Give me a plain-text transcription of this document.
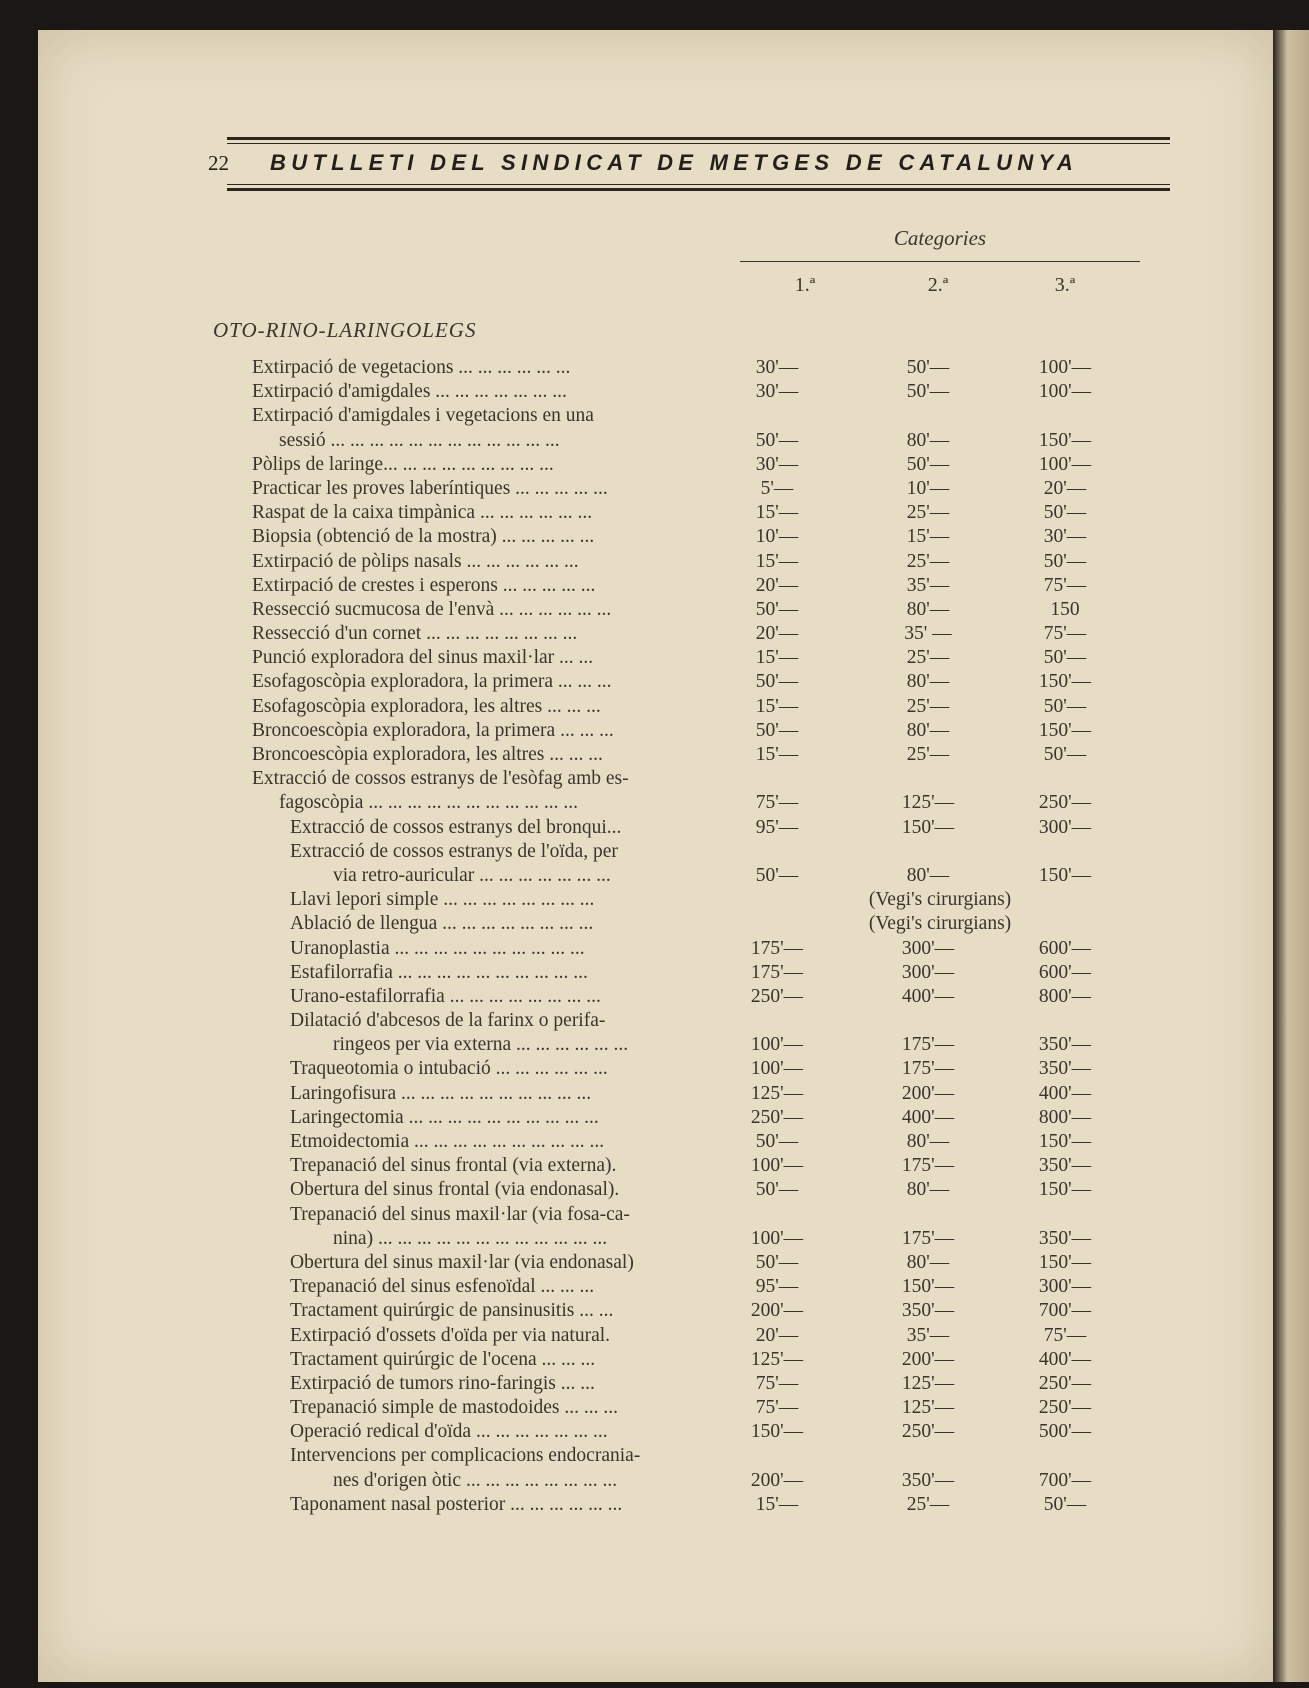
22	BUTLLETI DEL SINDICAT DE METGES DE CATALUNYA
Categories
1.ª	2.ª	3.ª
OTO-RINO-LARINGOLEGS
Extirpació de vegetacions ... ... ... ... ... ...	30'—	50'—	100'—
Extirpació d'amigdales ... ... ... ... ... ... ...	30'—	50'—	100'—
Extirpació d'amigdales i vegetacions en una
sessió ... ... ... ... ... ... ... ... ... ... ... ...	50'—	80'—	150'—
Pòlips de laringe... ... ... ... ... ... ... ... ...	30'—	50'—	100'—
Practicar les proves laberíntiques ... ... ... ... ...	5'—	10'—	20'—
Raspat de la caixa timpànica ... ... ... ... ... ...	15'—	25'—	50'—
Biopsia (obtenció de la mostra) ... ... ... ... ...	10'—	15'—	30'—
Extirpació de pòlips nasals ... ... ... ... ... ...	15'—	25'—	50'—
Extirpació de crestes i esperons ... ... ... ... ...	20'—	35'—	75'—
Ressecció sucmucosa de l'envà ... ... ... ... ... ...	50'—	80'—	150
Ressecció d'un cornet ... ... ... ... ... ... ... ...	20'—	35' —	75'—
Punció exploradora del sinus maxil·lar ... ...	15'—	25'—	50'—
Esofagoscòpia exploradora, la primera ... ... ...	50'—	80'—	150'—
Esofagoscòpia exploradora, les altres ... ... ...	15'—	25'—	50'—
Broncoescòpia exploradora, la primera ... ... ...	50'—	80'—	150'—
Broncoescòpia exploradora, les altres ... ... ...	15'—	25'—	50'—
Extracció de cossos estranys de l'esòfag amb es-
fagoscòpia ... ... ... ... ... ... ... ... ... ... ...	75'—	125'—	250'—
Extracció de cossos estranys del bronqui...	95'—	150'—	300'—
Extracció de cossos estranys de l'oïda, per
via retro-auricular ... ... ... ... ... ... ...	50'—	80'—	150'—
Llavi lepori simple ... ... ... ... ... ... ... ...	(Vegi's cirurgians)
Ablació de llengua ... ... ... ... ... ... ... ...	(Vegi's cirurgians)
Uranoplastia ... ... ... ... ... ... ... ... ... ...	175'—	300'—	600'—
Estafilorrafia ... ... ... ... ... ... ... ... ... ...	175'—	300'—	600'—
Urano-estafilorrafia ... ... ... ... ... ... ... ...	250'—	400'—	800'—
Dilatació d'abcesos de la farinx o perifa-
ringeos per via externa ... ... ... ... ... ...	100'—	175'—	350'—
Traqueotomia o intubació ... ... ... ... ... ...	100'—	175'—	350'—
Laringofisura ... ... ... ... ... ... ... ... ... ...	125'—	200'—	400'—
Laringectomia ... ... ... ... ... ... ... ... ... ...	250'—	400'—	800'—
Etmoidectomia ... ... ... ... ... ... ... ... ... ...	50'—	80'—	150'—
Trepanació del sinus frontal (via externa).	100'—	175'—	350'—
Obertura del sinus frontal (via endonasal).	50'—	80'—	150'—
Trepanació del sinus maxil·lar (via fosa-ca-
nina) ... ... ... ... ... ... ... ... ... ... ... ...	100'—	175'—	350'—
Obertura del sinus maxil·lar (via endonasal)	50'—	80'—	150'—
Trepanació del sinus esfenoïdal ... ... ...	95'—	150'—	300'—
Tractament quirúrgic de pansinusitis ... ...	200'—	350'—	700'—
Extirpació d'ossets d'oïda per via natural.	20'—	35'—	75'—
Tractament quirúrgic de l'ocena ... ... ...	125'—	200'—	400'—
Extirpació de tumors rino-faringis ... ...	75'—	125'—	250'—
Trepanació simple de mastodoides ... ... ...	75'—	125'—	250'—
Operació redical d'oïda ... ... ... ... ... ... ...	150'—	250'—	500'—
Intervencions per complicacions endocrania-
nes d'origen òtic ... ... ... ... ... ... ... ...	200'—	350'—	700'—
Taponament nasal posterior ... ... ... ... ... ...	15'—	25'—	50'—
